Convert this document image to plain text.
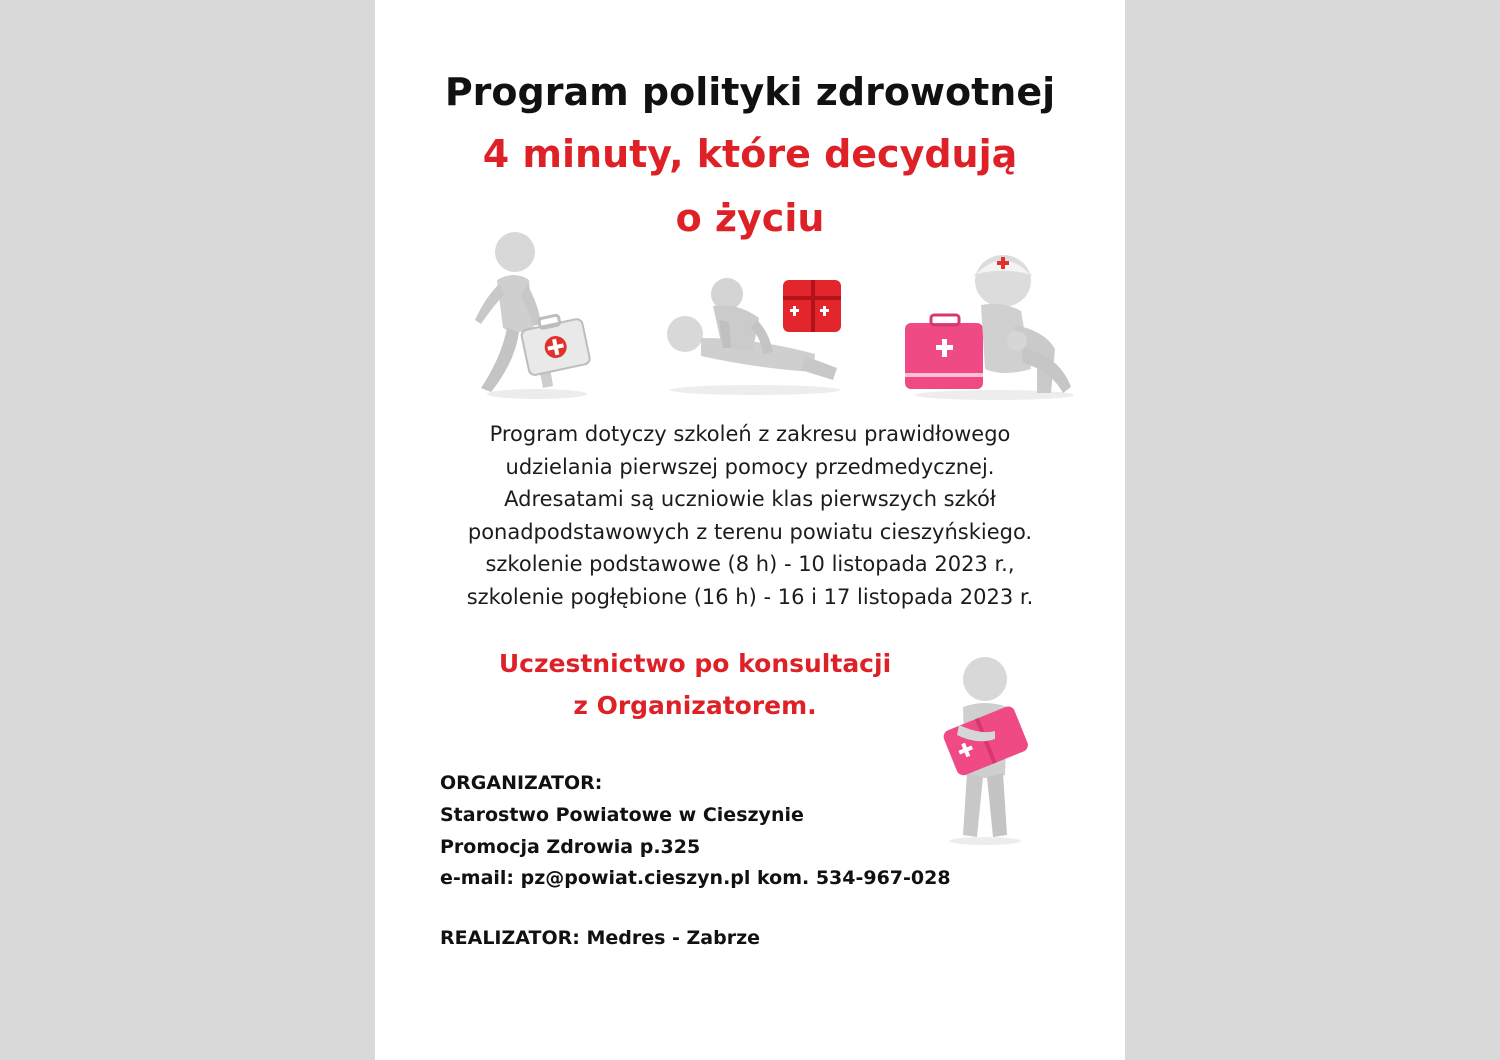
Program polityki zdrowotnej
4 minuty, które decydują
o życiu

Program dotyczy szkoleń z zakresu prawidłowego
udzielania pierwszej pomocy przedmedycznej.
Adresatami są uczniowie klas pierwszych szkół
ponadpodstawowych z terenu powiatu cieszyńskiego.
szkolenie podstawowe (8 h) - 10 listopada 2023 r.,
szkolenie pogłębione (16 h) - 16 i 17 listopada 2023 r.

Uczestnictwo po konsultacji
z Organizatorem.

ORGANIZATOR:
Starostwo Powiatowe w Cieszynie
Promocja Zdrowia p.325
e-mail: pz@powiat.cieszyn.pl kom. 534-967-028

REALIZATOR: Medres - Zabrze
